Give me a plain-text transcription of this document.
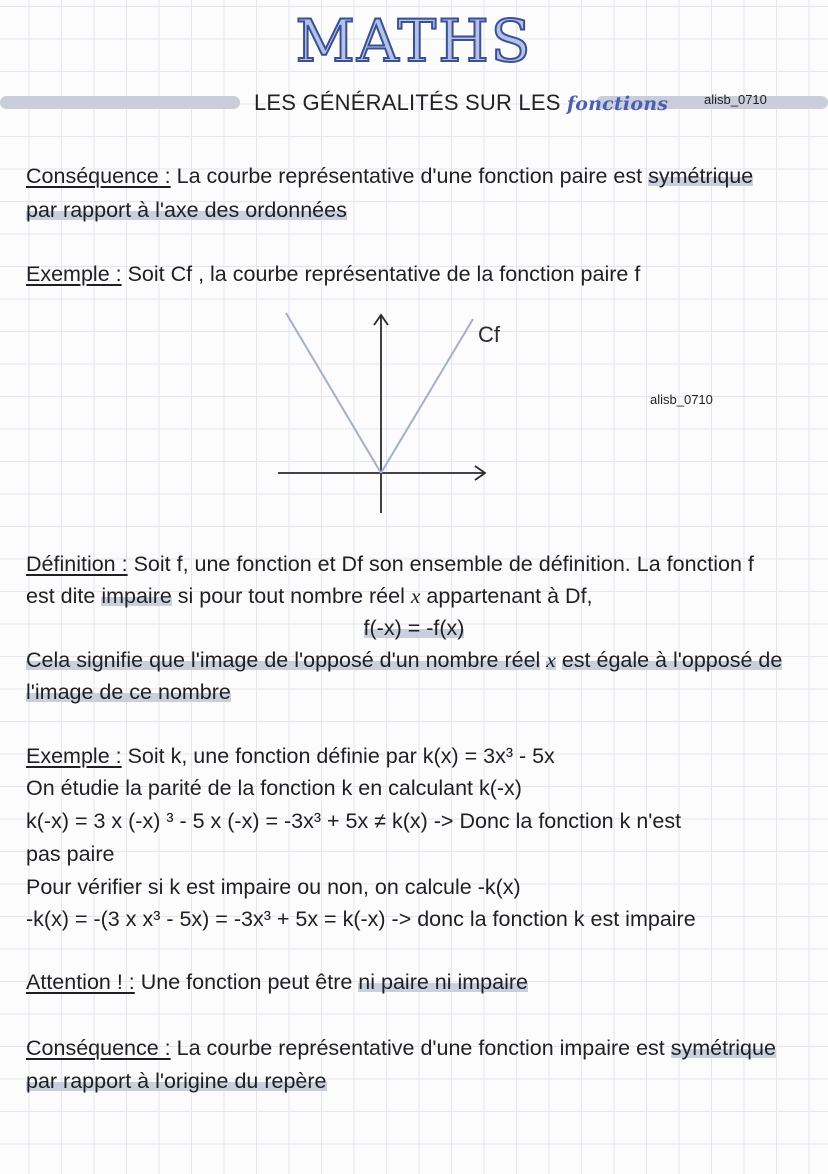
MATHS
LES GÉNÉRALITÉS SUR LES fonctions	alisb_0710
Conséquence : La courbe représentative d'une fonction paire est symétrique
par rapport à l'axe des ordonnées
Exemple : Soit Cf , la courbe représentative de la fonction paire f
Cf
alisb_0710
Définition : Soit f, une fonction et Df son ensemble de définition. La fonction f
est dite impaire si pour tout nombre réel x appartenant à Df,
f(-x) = -f(x)
Cela signifie que l'image de l'opposé d'un nombre réel x est égale à l'opposé de
l'image de ce nombre
Exemple : Soit k, une fonction définie par k(x) = 3x³ - 5x
On étudie la parité de la fonction k en calculant k(-x)
k(-x) = 3 x (-x) ³ - 5 x (-x) = -3x³ + 5x ≠ k(x) -> Donc la fonction k n'est
pas paire
Pour vérifier si k est impaire ou non, on calcule -k(x)
-k(x) = -(3 x x³ - 5x) = -3x³ + 5x = k(-x) -> donc la fonction k est impaire
Attention ! : Une fonction peut être ni paire ni impaire
Conséquence : La courbe représentative d'une fonction impaire est symétrique
par rapport à l'origine du repère
